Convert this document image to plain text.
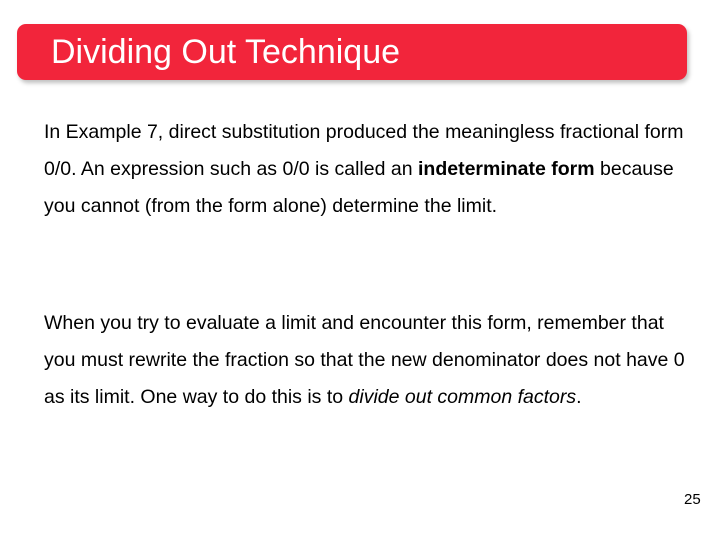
Dividing Out Technique

In Example 7, direct substitution produced the meaningless fractional form 0/0. An expression such as 0/0 is called an indeterminate form because you cannot (from the form alone) determine the limit.

When you try to evaluate a limit and encounter this form, remember that you must rewrite the fraction so that the new denominator does not have 0 as its limit. One way to do this is to divide out common factors.

25
